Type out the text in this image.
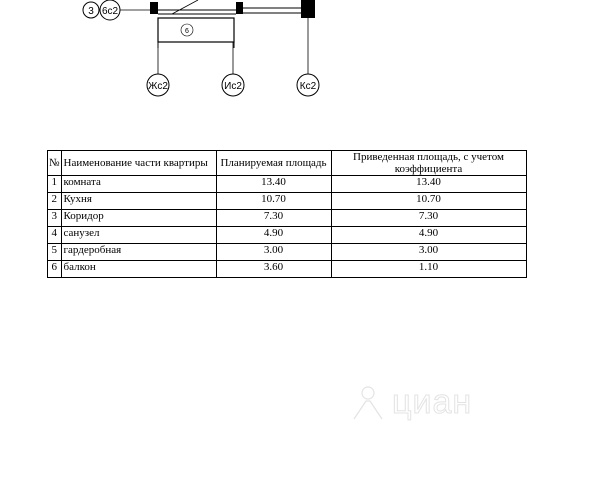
3 6с2
6
Жс2	Ис2	Кс2
№	Наименование части квартиры	Планируемая площадь	Приведенная площадь, с учетом коэффициента
1	комната	13.40	13.40
2	Кухня	10.70	10.70
3	Коридор	7.30	7.30
4	санузел	4.90	4.90
5	гардеробная	3.00	3.00
6	балкон	3.60	1.10
циан
